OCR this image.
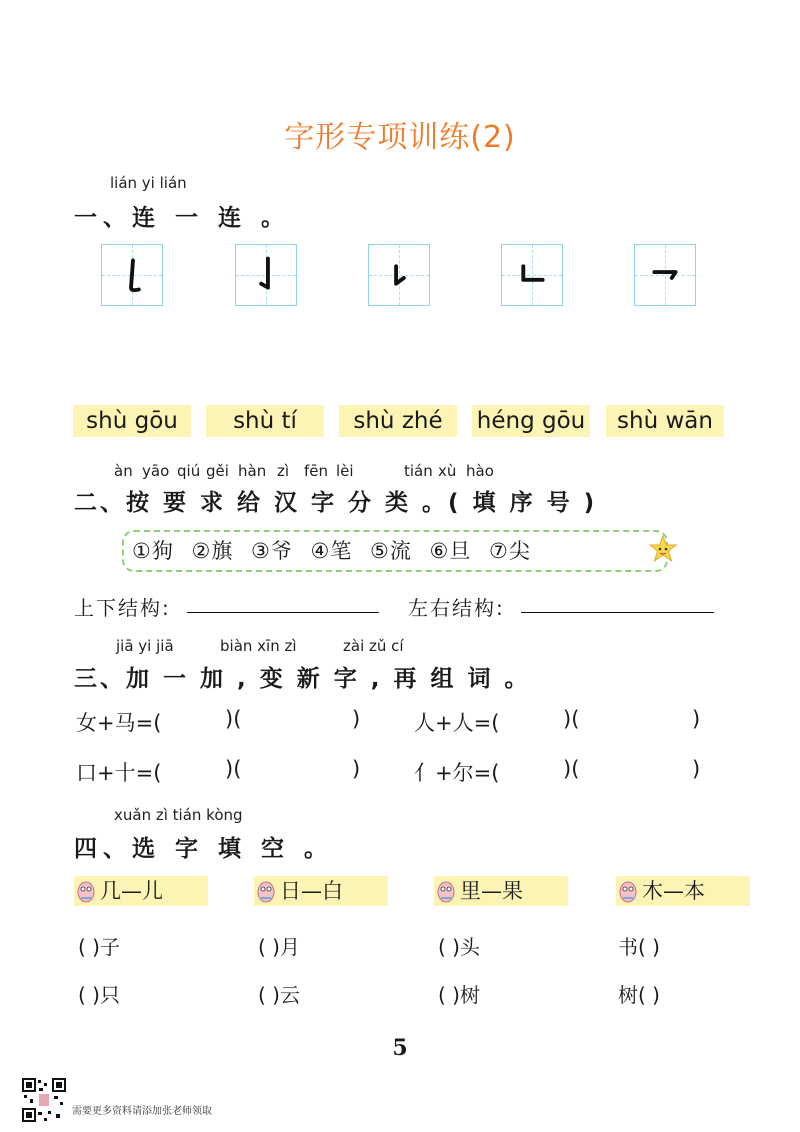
字形专项训练(2)
lián yi lián
一、连 一 连 。
shù gōu	shù tí	shù zhé	héng gōu	shù wān
àn yāo qiú gěi hàn zì fēn lèi	tián xù hào
二、按 要 求 给 汉 字 分 类 。( 填 序 号 )
①狗 ②旗 ③爷 ④笔 ⑤流 ⑥旦 ⑦尖
上下结构:	左右结构:
jiā yi jiā	biàn xīn zì	zài zǔ cí
三、加 一 加 , 变 新 字 , 再 组 词 。
女+马=(	)(	)	人+人=(	)(	)
口+十=(	)(	)	亻+尔=(	)(	)
xuǎn zì tián kòng
四、选 字 填 空 。
几—儿	日—白	里—果	木—本
( )子	( )月	( )头	书( )
( )只	( )云	( )树	树( )
5
需要更多资料请添加张老师领取
